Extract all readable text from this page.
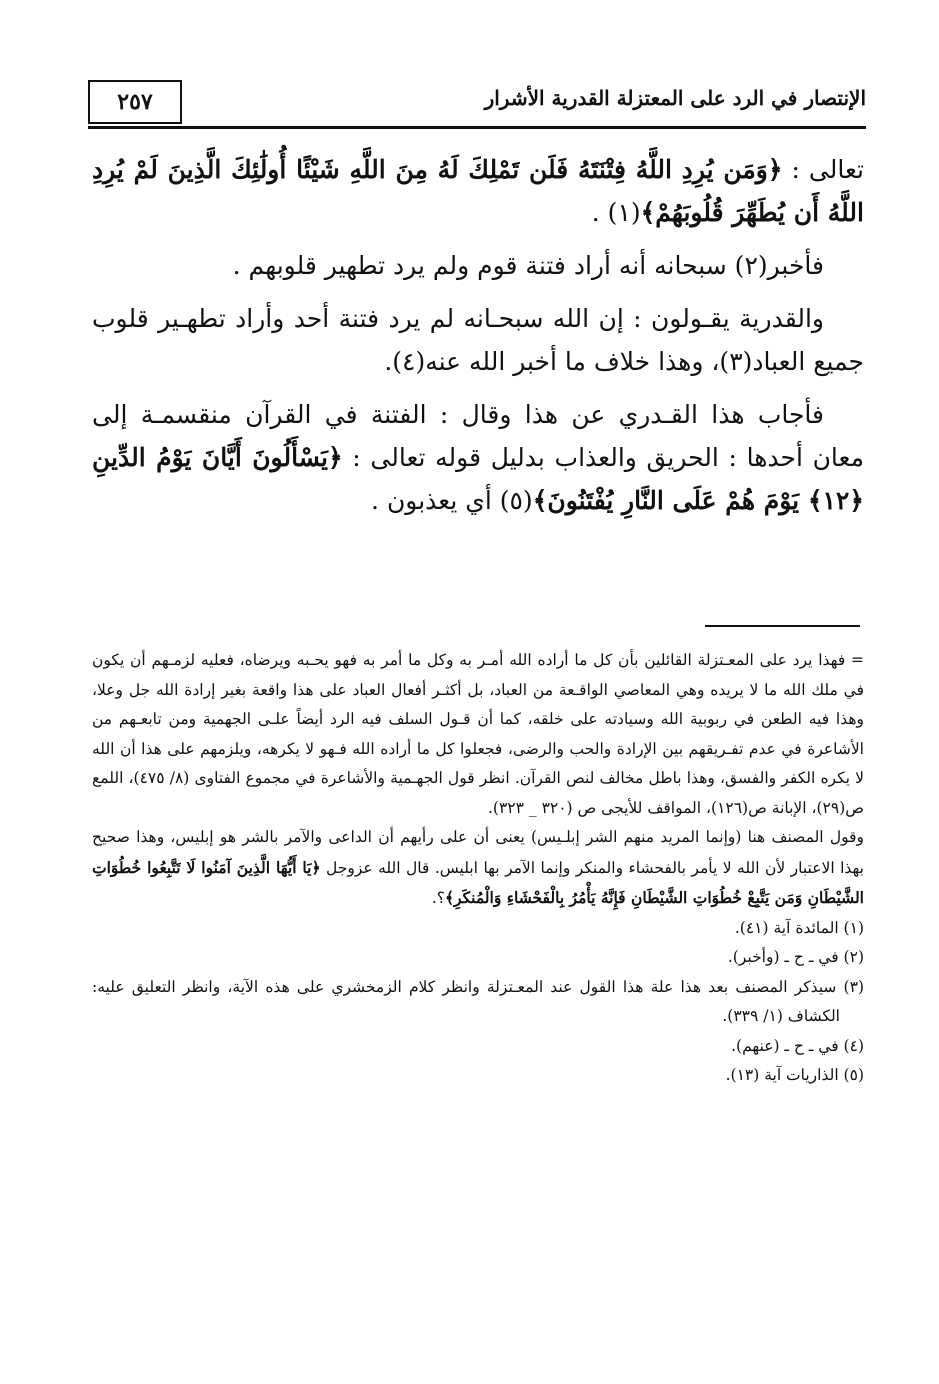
٢٥٧	الإنتصار في الرد على المعتزلة القدرية الأشرار

تعالى : ﴿وَمَن يُرِدِ اللَّهُ فِتْنَتَهُ فَلَن تَمْلِكَ لَهُ مِنَ اللَّهِ شَيْئًا أُولَٰئِكَ الَّذِينَ لَمْ يُرِدِ اللَّهُ أَن يُطَهِّرَ قُلُوبَهُمْ﴾(١) .

فأخبر(٢) سبحانه أنه أراد فتنة قوم ولم يرد تطهير قلوبهم .

والقدرية يقـولون : إن الله سبحـانه لم يرد فتنة أحد وأراد تطهـير قلوب جميع العباد(٣)، وهذا خلاف ما أخبر الله عنه(٤).

فأجاب هذا القـدري عن هذا وقال : الفتنة في القرآن منقسمـة إلى معان أحدها : الحريق والعذاب بدليل قوله تعالى : ﴿يَسْأَلُونَ أَيَّانَ يَوْمُ الدِّينِ ﴿١٢﴾ يَوْمَ هُمْ عَلَى النَّارِ يُفْتَنُونَ﴾(٥) أي يعذبون .

= فهذا يرد على المعـتزلة القائلين بأن كل ما أراده الله أمـر به وكل ما أمر به فهو يحـبه ويرضاه، فعليه لزمـهم أن يكون في ملك الله ما لا يريده وهي المعاصي الواقـعة من العباد، بل أكثـر أفعال العباد على هذا واقعة بغير إرادة الله جل وعلا، وهذا فيه الطعن في ربوبية الله وسيادته على خلقه، كما أن قـول السلف فيه الرد أيضاً علـى الجهمية ومن تابعـهم من الأشاعرة في عدم تفـريقهم بين الإرادة والحب والرضى، فجعلوا كل ما أراده الله فـهو لا يكرهه، ويلزمهم على هذا أن الله لا يكره الكفر والفسق، وهذا باطل مخالف لنص القرآن. انظر قول الجهـمية والأشاعرة في مجموع الفتاوى (٨/ ٤٧٥)، اللمع ص(٢٩)، الإبانة ص(١٢٦)، المواقف للأيجى ص (٣٢٠ _ ٣٢٣).

وقول المصنف هنا (وإنما المريد منهم الشر إبلـيس) يعنى أن على رأيهم أن الداعى والآمر بالشر هو إبليس، وهذا صحيح بهذا الاعتبار لأن الله لا يأمر بالفحشاء والمنكر وإنما الآمر بها ابليس. قال الله عزوجل ﴿يَا أَيُّهَا الَّذِينَ آمَنُوا لَا تَتَّبِعُوا خُطُوَاتِ الشَّيْطَانِ وَمَن يَتَّبِعْ خُطُوَاتِ الشَّيْطَانِ فَإِنَّهُ يَأْمُرُ بِالْفَحْشَاءِ وَالْمُنكَرِ﴾؟.

(١) المائدة آية (٤١).

(٢) في ـ ح ـ (وأخبر).

(٣) سيذكر المصنف بعد هذا علة هذا القول عند المعـتزلة وانظر كلام الزمخشري على هذه الآية، وانظر التعليق عليه: الكشاف (١/ ٣٣٩).

(٤) في ـ ح ـ (عنهم).

(٥) الذاريات آية (١٣).
